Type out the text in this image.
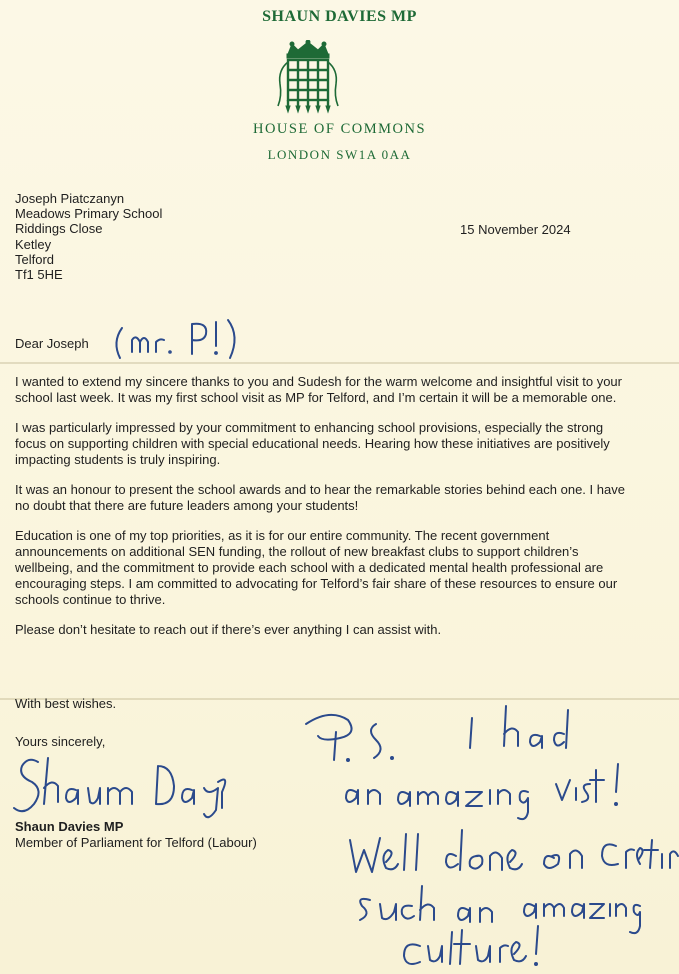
SHAUN DAVIES MP
HOUSE OF COMMONS
LONDON SW1A 0AA
Joseph Piatczanyn
Meadows Primary School
Riddings Close
Ketley
Telford
Tf1 5HE
15 November 2024
Dear Joseph

I wanted to extend my sincere thanks to you and Sudesh for the warm welcome and insightful visit to your school last week. It was my first school visit as MP for Telford, and I’m certain it will be a memorable one.

I was particularly impressed by your commitment to enhancing school provisions, especially the strong focus on supporting children with special educational needs. Hearing how these initiatives are positively impacting students is truly inspiring.

It was an honour to present the school awards and to hear the remarkable stories behind each one. I have no doubt that there are future leaders among your students!

Education is one of my top priorities, as it is for our entire community. The recent government announcements on additional SEN funding, the rollout of new breakfast clubs to support children’s wellbeing, and the commitment to provide each school with a dedicated mental health professional are encouraging steps. I am committed to advocating for Telford’s fair share of these resources to ensure our schools continue to thrive.

Please don’t hesitate to reach out if there’s ever anything I can assist with.

With best wishes.
Yours sincerely,
Shaun Davies MP
Member of Parliament for Telford (Labour)
